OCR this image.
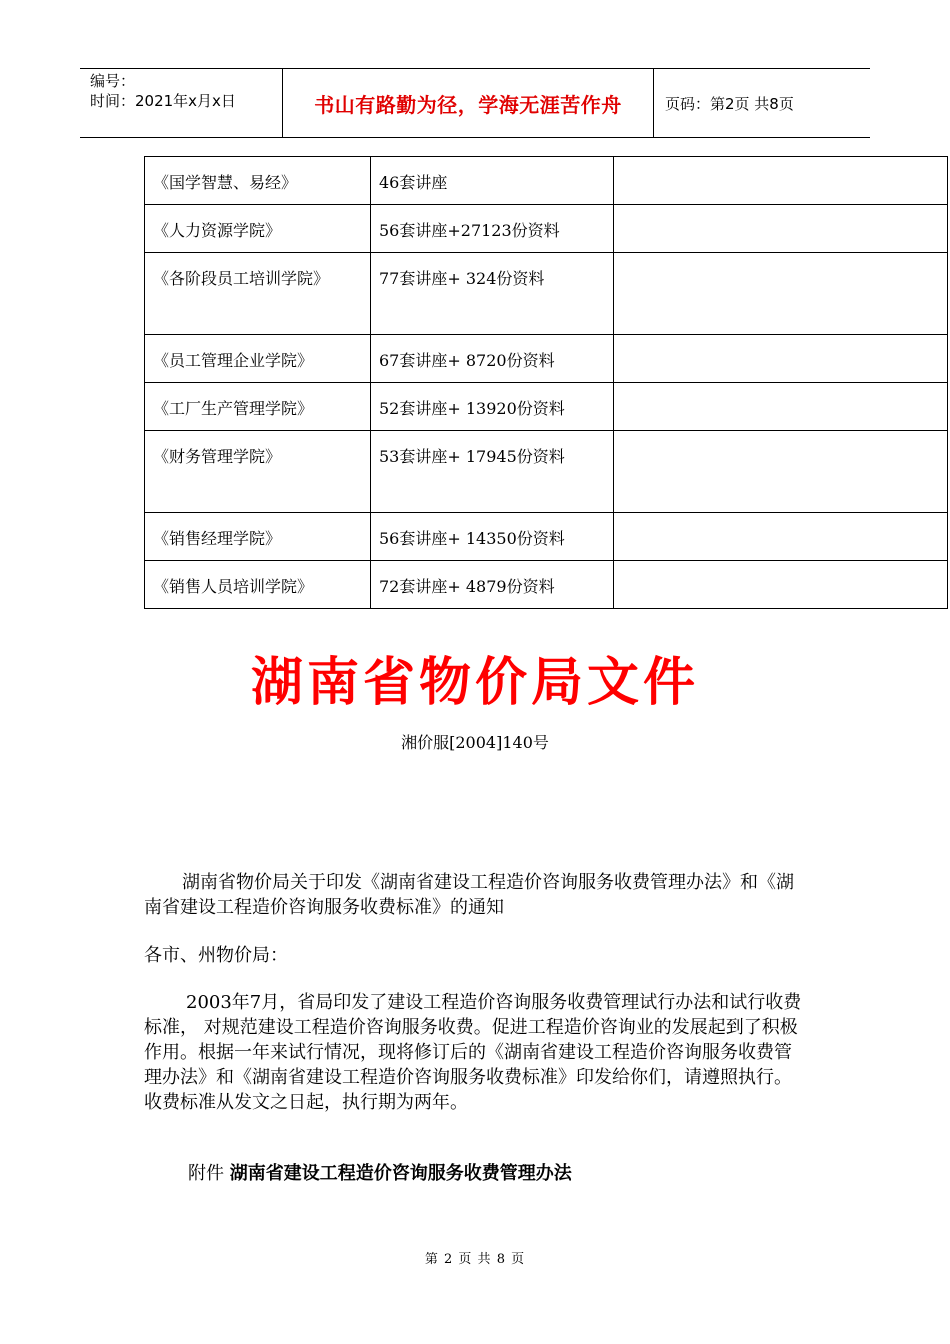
编号：
时间：2021年x月x日	书山有路勤为径，学海无涯苦作舟	页码：第2页 共8页
《国学智慧、易经》	46套讲座	
《人力资源学院》	56套讲座+27123份资料	
《各阶段员工培训学院》	77套讲座+ 324份资料	
《员工管理企业学院》	67套讲座+ 8720份资料	
《工厂生产管理学院》	52套讲座+ 13920份资料	
《财务管理学院》	53套讲座+ 17945份资料	
《销售经理学院》	56套讲座+ 14350份资料	
《销售人员培训学院》	72套讲座+ 4879份资料	
湖南省物价局文件
湘价服[2004]140号
湖南省物价局关于印发《湖南省建设工程造价咨询服务收费管理办法》和《湖南省建设工程造价咨询服务收费标准》的通知
各市、州物价局：
2003年7月，省局印发了建设工程造价咨询服务收费管理试行办法和试行收费标准， 对规范建设工程造价咨询服务收费。促进工程造价咨询业的发展起到了积极作用。根据一年来试行情况，现将修订后的《湖南省建设工程造价咨询服务收费管理办法》和《湖南省建设工程造价咨询服务收费标准》印发给你们，请遵照执行。收费标准从发文之日起，执行期为两年。
附件 湖南省建设工程造价咨询服务收费管理办法
第 2 页 共 8 页
